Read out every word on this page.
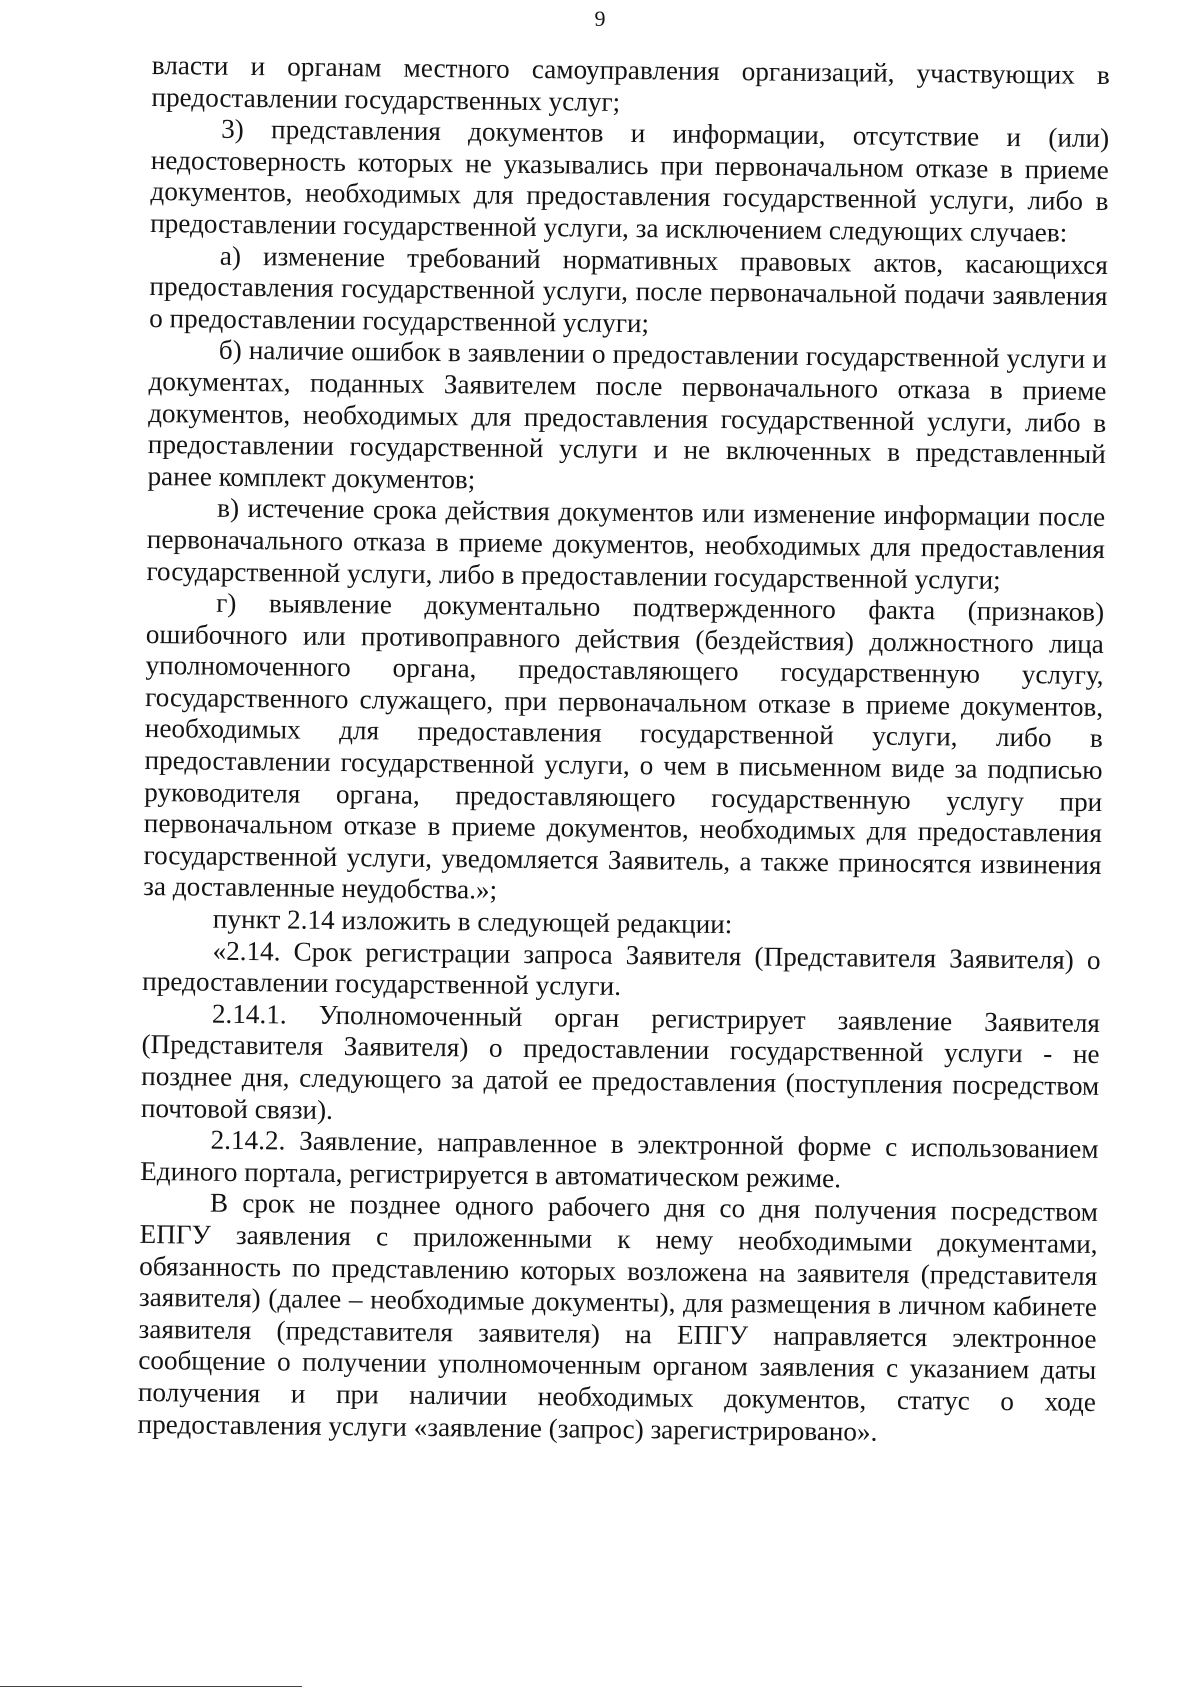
9

власти и органам местного самоуправления организаций, участвующих в предоставлении государственных услуг;

3) представления документов и информации, отсутствие и (или) недостоверность которых не указывались при первоначальном отказе в приеме документов, необходимых для предоставления государственной услуги, либо в предоставлении государственной услуги, за исключением следующих случаев:

а) изменение требований нормативных правовых актов, касающихся предоставления государственной услуги, после первоначальной подачи заявления о предоставлении государственной услуги;

б) наличие ошибок в заявлении о предоставлении государственной услуги и документах, поданных Заявителем после первоначального отказа в приеме документов, необходимых для предоставления государственной услуги, либо в предоставлении государственной услуги и не включенных в представленный ранее комплект документов;

в) истечение срока действия документов или изменение информации после первоначального отказа в приеме документов, необходимых для предоставления государственной услуги, либо в предоставлении государственной услуги;

г) выявление документально подтвержденного факта (признаков) ошибочного или противоправного действия (бездействия) должностного лица уполномоченного органа, предоставляющего государственную услугу, государственного служащего, при первоначальном отказе в приеме документов, необходимых для предоставления государственной услуги, либо в предоставлении государственной услуги, о чем в письменном виде за подписью руководителя органа, предоставляющего государственную услугу при первоначальном отказе в приеме документов, необходимых для предоставления государственной услуги, уведомляется Заявитель, а также приносятся извинения за доставленные неудобства.»;

пункт 2.14 изложить в следующей редакции:

«2.14. Срок регистрации запроса Заявителя (Представителя Заявителя) о предоставлении государственной услуги.

2.14.1. Уполномоченный орган регистрирует заявление Заявителя (Представителя Заявителя) о предоставлении государственной услуги - не позднее дня, следующего за датой ее предоставления (поступления посредством почтовой связи).

2.14.2. Заявление, направленное в электронной форме с использованием Единого портала, регистрируется в автоматическом режиме.

В срок не позднее одного рабочего дня со дня получения посредством ЕПГУ заявления с приложенными к нему необходимыми документами, обязанность по представлению которых возложена на заявителя (представителя заявителя) (далее – необходимые документы), для размещения в личном кабинете заявителя (представителя заявителя) на ЕПГУ направляется электронное сообщение о получении уполномоченным органом заявления с указанием даты получения и при наличии необходимых документов, статус о ходе предоставления услуги «заявление (запрос) зарегистрировано».
